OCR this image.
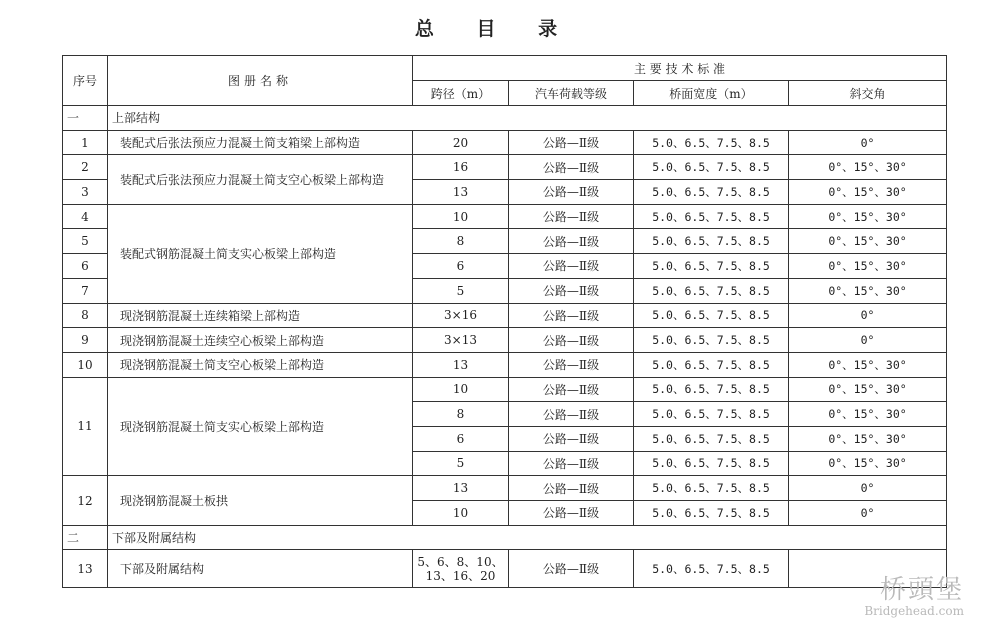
总 目 录
序号	图册名称	主 要 技 术 标 准			
		跨径（m）	汽车荷载等级	桥面宽度（m）	斜交角
一	上部结构				
1	装配式后张法预应力混凝土简支箱梁上部构造	20	公路—Ⅱ级	5.0、6.5、7.5、8.5	0°
2	装配式后张法预应力混凝土简支空心板梁上部构造	16	公路—Ⅱ级	5.0、6.5、7.5、8.5	0°、15°、30°
3		13	公路—Ⅱ级	5.0、6.5、7.5、8.5	0°、15°、30°
4	装配式钢筋混凝土简支实心板梁上部构造	10	公路—Ⅱ级	5.0、6.5、7.5、8.5	0°、15°、30°
5		8	公路—Ⅱ级	5.0、6.5、7.5、8.5	0°、15°、30°
6		6	公路—Ⅱ级	5.0、6.5、7.5、8.5	0°、15°、30°
7		5	公路—Ⅱ级	5.0、6.5、7.5、8.5	0°、15°、30°
8	现浇钢筋混凝土连续箱梁上部构造	3×16	公路—Ⅱ级	5.0、6.5、7.5、8.5	0°
9	现浇钢筋混凝土连续空心板梁上部构造	3×13	公路—Ⅱ级	5.0、6.5、7.5、8.5	0°
10	现浇钢筋混凝土简支空心板梁上部构造	13	公路—Ⅱ级	5.0、6.5、7.5、8.5	0°、15°、30°
11	现浇钢筋混凝土简支实心板梁上部构造	10	公路—Ⅱ级	5.0、6.5、7.5、8.5	0°、15°、30°
		8	公路—Ⅱ级	5.0、6.5、7.5、8.5	0°、15°、30°
		6	公路—Ⅱ级	5.0、6.5、7.5、8.5	0°、15°、30°
		5	公路—Ⅱ级	5.0、6.5、7.5、8.5	0°、15°、30°
12	现浇钢筋混凝土板拱	13	公路—Ⅱ级	5.0、6.5、7.5、8.5	0°
		10	公路—Ⅱ级	5.0、6.5、7.5、8.5	0°
二	下部及附属结构				
13	下部及附属结构	5、6、8、10、 13、16、20	公路—Ⅱ级	5.0、6.5、7.5、8.5	
桥頭堡
Bridgehead.com
